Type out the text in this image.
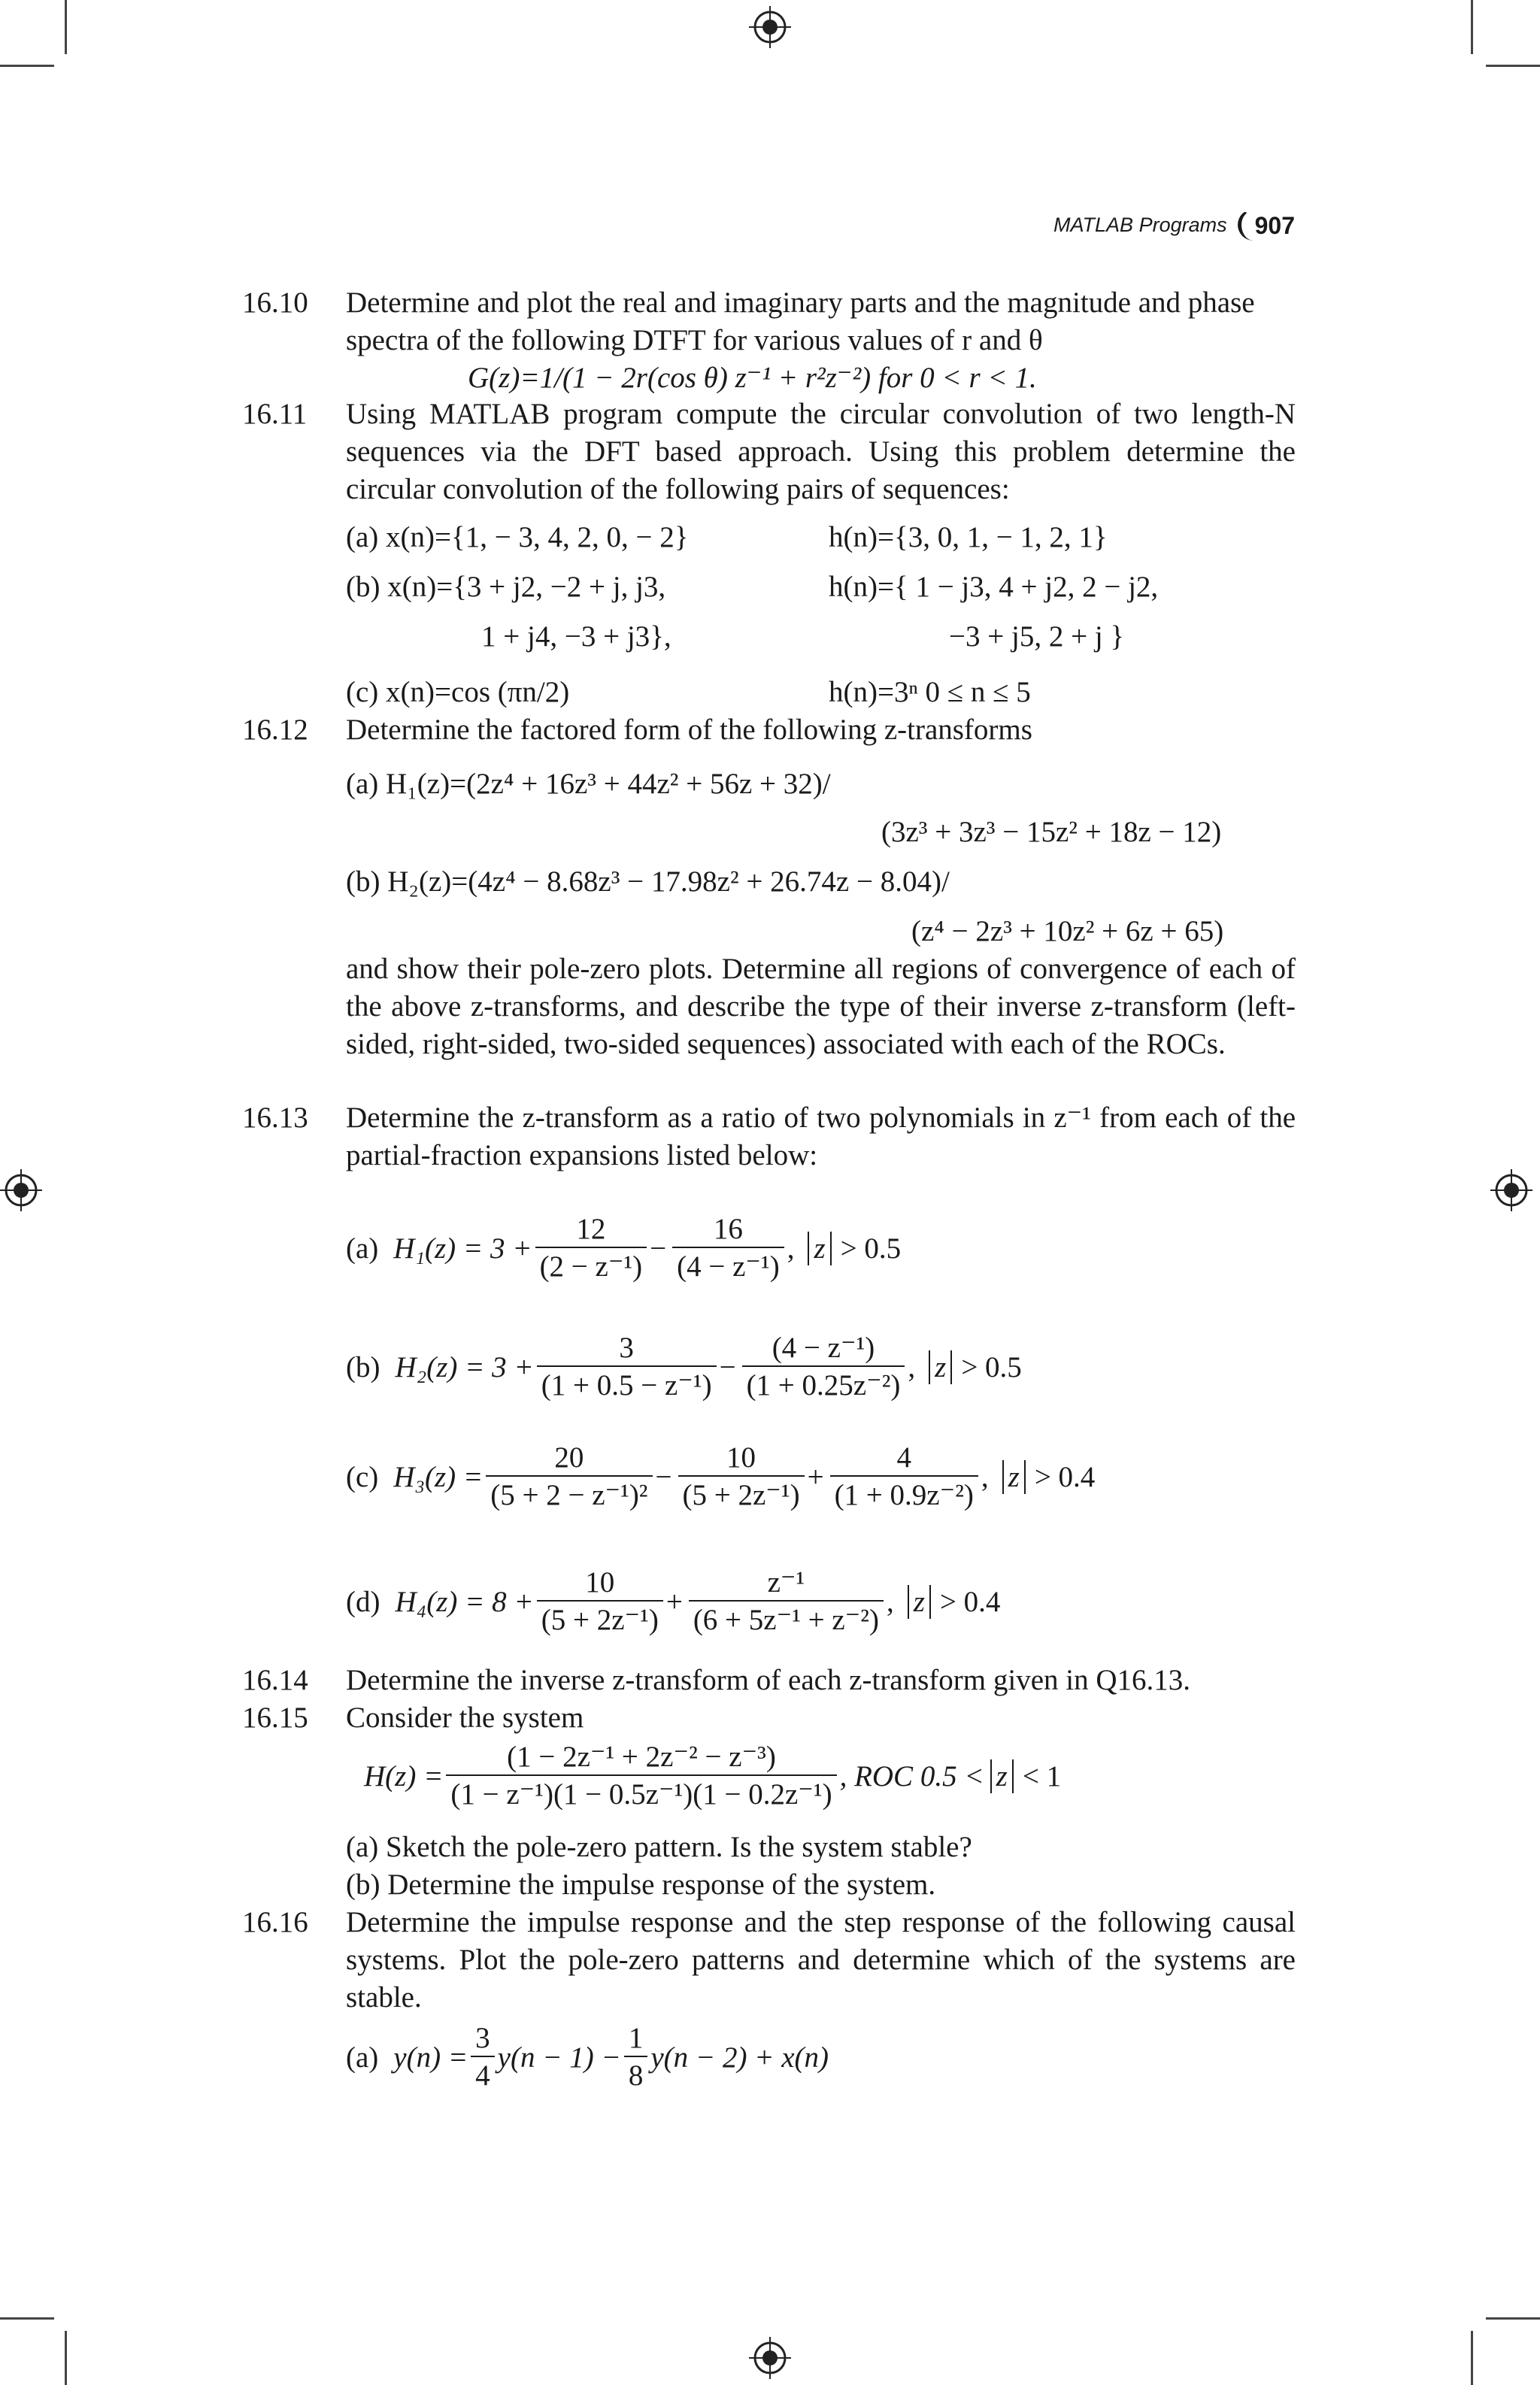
MATLAB Programs	907
16.10 Determine and plot the real and imaginary parts and the magnitude and phase
spectra of the following DTFT for various values of r and θ
G(z)=1/(1 − 2r(cos θ) z⁻¹ + r²z⁻²) for 0 < r < 1.
16.11 Using MATLAB program compute the circular convolution of two length-N sequences via the DFT based approach. Using this problem determine the circular convolution of the following pairs of sequences:
(a) x(n)={1, − 3, 4, 2, 0, − 2}	h(n)={3, 0, 1, − 1, 2, 1}
(b) x(n)={3 + j2, −2 + j, j3,
1 + j4, −3 + j3},
h(n)={ 1 − j3, 4 + j2, 2 − j2,
−3 + j5, 2 + j }
(c) x(n)=cos (πn/2)	h(n)=3ⁿ 0 ≤ n ≤ 5
16.12 Determine the factored form of the following z-transforms
(a) H₁(z)=(2z⁴ + 16z³ + 44z² + 56z + 32)/
(3z³ + 3z³ − 15z² + 18z − 12)
(b) H₂(z)=(4z⁴ − 8.68z³ − 17.98z² + 26.74z − 8.04)/
(z⁴ − 2z³ + 10z² + 6z + 65)
and show their pole-zero plots. Determine all regions of convergence of each of the above z-transforms, and describe the type of their inverse z-transform (left-sided, right-sided, two-sided sequences) associated with each of the ROCs.
16.13 Determine the z-transform as a ratio of two polynomials in z⁻¹ from each of the partial-fraction expansions listed below:
(a) $H_1(z) = 3 + \frac{12}{\text{(2 − z⁻¹)}} - \frac{16}{\text{(4 − z⁻¹)}}$ , z > 0.5
(b) $H_2(z) = 3 + \frac{3}{\text{(1 + 0.5 − z⁻¹)}} - \frac{\text{(4 − z⁻¹)}}{\text{(1 + 0.25z⁻²)}}$ , z > 0.5
(c) $H_3(z) = \frac{20}{\text{(5 + 2 − z⁻¹)²}} - \frac{10}{\text{(5 + 2z⁻¹)}} + \frac{4}{\text{(1 + 0.9z⁻²)}}$ , z > 0.4
(d) $H_4(z) = 8 + \frac{10}{\text{(5 + 2z⁻¹)}} + \frac{\text{z⁻¹}}{\text{(6 + 5z⁻¹ + z⁻²)}}$ , z > 0.4
16.14 Determine the inverse z-transform of each z-transform given in Q16.13.
16.15 Consider the system
$H(z) = \frac{\text{(1 − 2z⁻¹ + 2z⁻² − z⁻³)}}{\text{(1 − z⁻¹)(1 − 0.5z⁻¹)(1 − 0.2z⁻¹)}}$ , ROC 0.5 < z < 1
(a) Sketch the pole-zero pattern. Is the system stable?
(b) Determine the impulse response of the system.
16.16 Determine the impulse response and the step response of the following causal systems. Plot the pole-zero patterns and determine which of the systems are stable.
(a) $y(n) = \frac{3}{4} y(n - 1) - \frac{1}{8} y(n - 2) + x(n)$
